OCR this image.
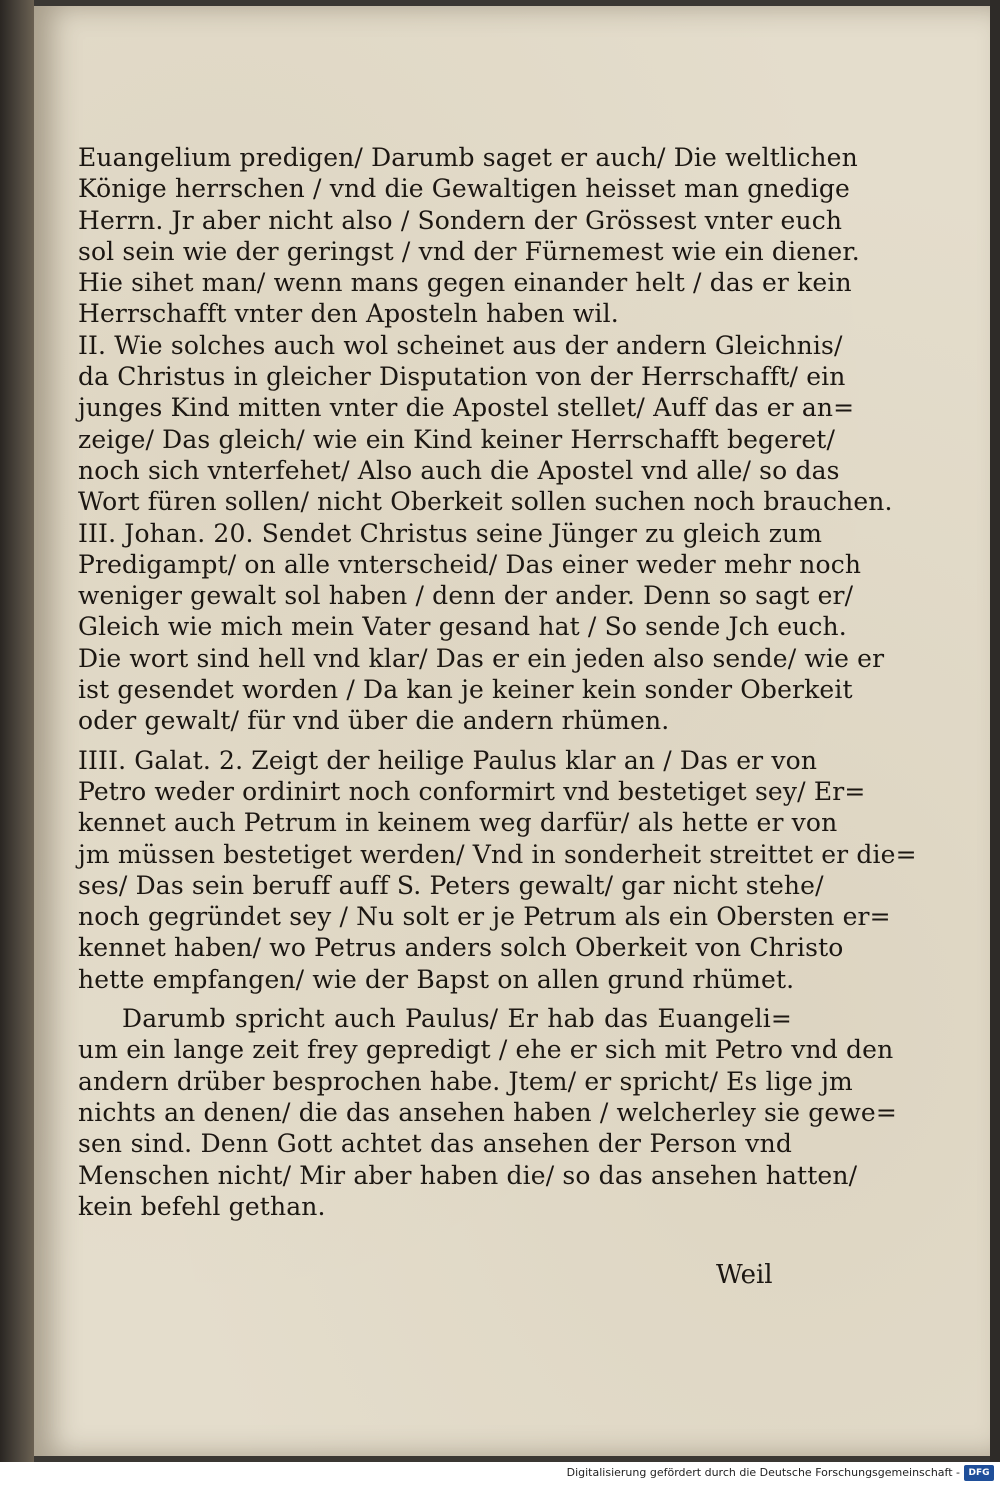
Euangelium predigen/ Darumb saget er auch/ Die weltlichen
Könige herrschen / vnd die Gewaltigen heisset man gnedige
Herrn. Jr aber nicht also / Sondern der Grössest vnter euch
sol sein wie der geringst / vnd der Fürnemest wie ein diener.
Hie sihet man/ wenn mans gegen einander helt / das er kein
Herrschafft vnter den Aposteln haben wil.
II. Wie solches auch wol scheinet aus der andern Gleichnis/
da Christus in gleicher Disputation von der Herrschafft/ ein
junges Kind mitten vnter die Apostel stellet/ Auff das er an=
zeige/ Das gleich/ wie ein Kind keiner Herrschafft begeret/
noch sich vnterfehet/ Also auch die Apostel vnd alle/ so das
Wort füren sollen/ nicht Oberkeit sollen suchen noch brauchen.
III. Johan. 20. Sendet Christus seine Jünger zu gleich zum
Predigampt/ on alle vnterscheid/ Das einer weder mehr noch
weniger gewalt sol haben / denn der ander. Denn so sagt er/
Gleich wie mich mein Vater gesand hat / So sende Jch euch.
Die wort sind hell vnd klar/ Das er ein jeden also sende/ wie er
ist gesendet worden / Da kan je keiner kein sonder Oberkeit
oder gewalt/ für vnd über die andern rhümen.
IIII. Galat. 2. Zeigt der heilige Paulus klar an / Das er von
Petro weder ordinirt noch conformirt vnd bestetiget sey/ Er=
kennet auch Petrum in keinem weg darfür/ als hette er von
jm müssen bestetiget werden/ Vnd in sonderheit streittet er die=
ses/ Das sein beruff auff S. Peters gewalt/ gar nicht stehe/
noch gegründet sey / Nu solt er je Petrum als ein Obersten er=
kennet haben/ wo Petrus anders solch Oberkeit von Christo
hette empfangen/ wie der Bapst on allen grund rhümet.
Darumb spricht auch Paulus/ Er hab das Euangeli=
um ein lange zeit frey gepredigt / ehe er sich mit Petro vnd den
andern drüber besprochen habe. Jtem/ er spricht/ Es lige jm
nichts an denen/ die das ansehen haben / welcherley sie gewe=
sen sind. Denn Gott achtet das ansehen der Person vnd
Menschen nicht/ Mir aber haben die/ so das ansehen hatten/
kein befehl gethan.
Weil
Digitalisierung gefördert durch die Deutsche Forschungsgemeinschaft - DFG
